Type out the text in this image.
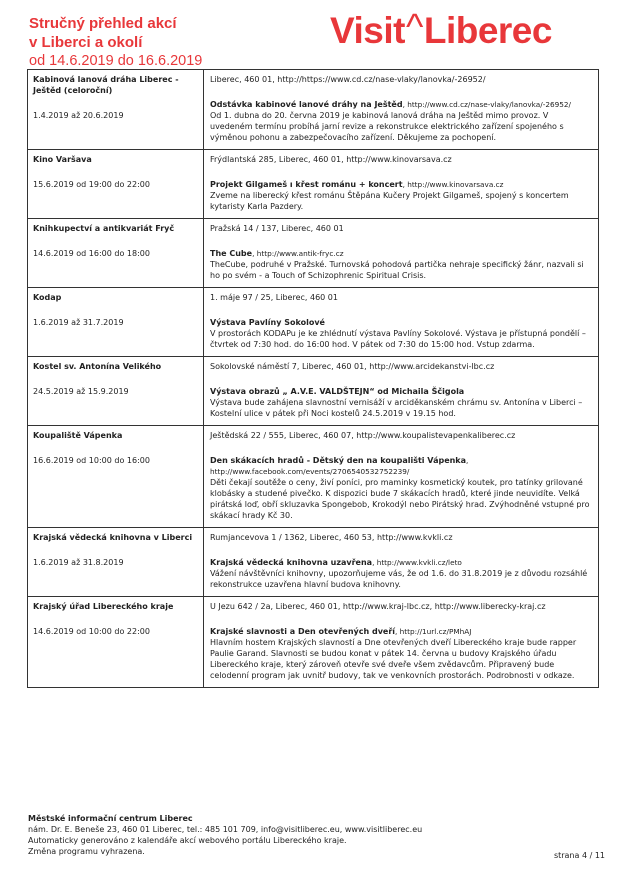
Stručný přehled akcí
v Liberci a okolí
od 14.6.2019 do 16.6.2019
Visit^Liberec
Kabinová lanová dráha Liberec - Ještěd (celoroční)
1.4.2019 až 20.6.2019
Liberec, 460 01, http://https://www.cd.cz/nase-vlaky/lanovka/-26952/
Odstávka kabinové lanové dráhy na Ještěd, http://www.cd.cz/nase-vlaky/lanovka/-26952/
Od 1. dubna do 20. června 2019 je kabinová lanová dráha na Ještěd mimo provoz. V uvedeném termínu probíhá jarní revize a rekonstrukce elektrického zařízení spojeného s výměnou pohonu a zabezpečovacího zařízení. Děkujeme za pochopení.
Kino Varšava
15.6.2019 od 19:00 do 22:00
Frýdlantská 285, Liberec, 460 01, http://www.kinovarsava.cz
Projekt Gilgameš ı křest románu + koncert, http://www.kinovarsava.cz
Zveme na liberecký křest románu Štěpána Kučery Projekt Gilgameš, spojený s koncertem kytaristy Karla Pazdery.
Knihkupectví a antikvariát Fryč
14.6.2019 od 16:00 do 18:00
Pražská 14 / 137, Liberec, 460 01
The Cube, http://www.antik-fryc.cz
TheCube, podruhé v Pražské. Turnovská pohodová partička nehraje specifický žánr, nazvali si ho po svém - a Touch of Schizophrenic Spiritual Crisis.
Kodap
1.6.2019 až 31.7.2019
1. máje 97 / 25, Liberec, 460 01
Výstava Pavlíny Sokolové
V prostorách KODAPu je ke zhlédnutí výstava Pavlíny Sokolové. Výstava je přístupná pondělí – čtvrtek od 7:30 hod. do 16:00 hod. V pátek od 7:30 do 15:00 hod. Vstup zdarma.
Kostel sv. Antonína Velikého
24.5.2019 až 15.9.2019
Sokolovské náměstí 7, Liberec, 460 01, http://www.arcidekanstvi-lbc.cz
Výstava obrazů „ A.V.E. VALDŠTEJN“ od Michaila Ščigola
Výstava bude zahájena slavnostní vernisáží v arciděkanském chrámu sv. Antonína v Liberci – Kostelní ulice v pátek při Noci kostelů 24.5.2019 v 19.15 hod.
Koupaliště Vápenka
16.6.2019 od 10:00 do 16:00
Ještědská 22 / 555, Liberec, 460 07, http://www.koupalistevapenkaliberec.cz
Den skákacích hradů - Dětský den na koupališti Vápenka, http://www.facebook.com/events/2706540532752239/
Děti čekají soutěže o ceny, živí poníci, pro maminky kosmetický koutek, pro tatínky grilované klobásky a studené pivečko. K dispozici bude 7 skákacích hradů, které jinde neuvidíte. Velká pirátská loď, obří skluzavka Spongebob, Krokodýl nebo Pirátský hrad. Zvýhodněné vstupné pro skákací hrady Kč 30.
Krajská vědecká knihovna v Liberci
1.6.2019 až 31.8.2019
Rumjancevova 1 / 1362, Liberec, 460 53, http://www.kvkli.cz
Krajská vědecká knihovna uzavřena, http://www.kvkli.cz/leto
Vážení návštěvníci knihovny, upozorňujeme vás, že od 1.6. do 31.8.2019 je z důvodu rozsáhlé rekonstrukce uzavřena hlavní budova knihovny.
Krajský úřad Libereckého kraje
14.6.2019 od 10:00 do 22:00
U Jezu 642 / 2a, Liberec, 460 01, http://www.kraj-lbc.cz, http://www.liberecky-kraj.cz
Krajské slavnosti a Den otevřených dveří, http://1url.cz/PMhAJ
Hlavním hostem Krajských slavností a Dne otevřených dveří Libereckého kraje bude rapper Paulie Garand. Slavnosti se budou konat v pátek 14. června u budovy Krajského úřadu Libereckého kraje, který zároveň otevře své dveře všem zvědavcům. Připravený bude celodenní program jak uvnitř budovy, tak ve venkovních prostorách. Podrobnosti v odkaze.
Městské informační centrum Liberec
nám. Dr. E. Beneše 23, 460 01 Liberec, tel.: 485 101 709, info@visitliberec.eu, www.visitliberec.eu
Automaticky generováno z kalendáře akcí webového portálu Libereckého kraje.
Změna programu vyhrazena.	strana 4 / 11
